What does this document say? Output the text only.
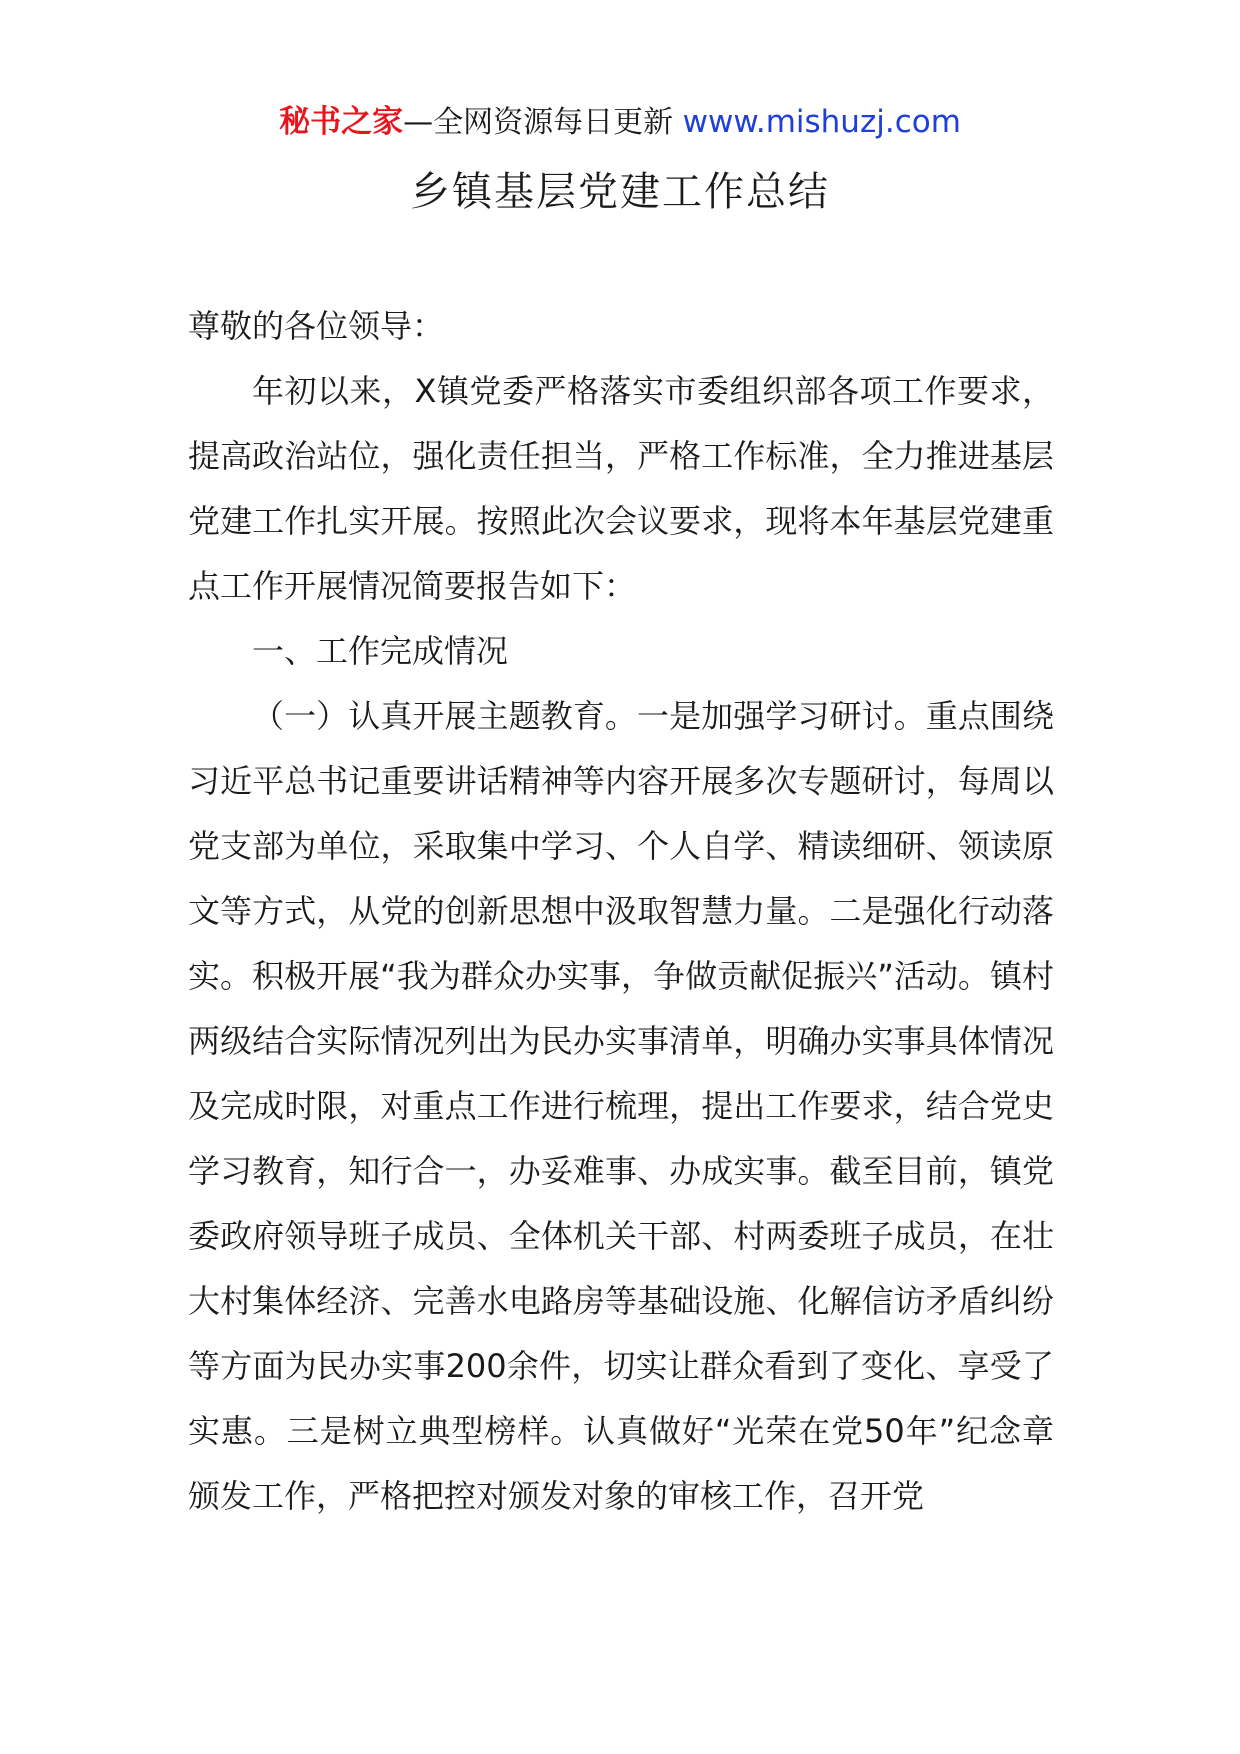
秘书之家—全网资源每日更新 www.mishuzj.com
乡镇基层党建工作总结

尊敬的各位领导：

年初以来，X镇党委严格落实市委组织部各项工作要求，提高政治站位，强化责任担当，严格工作标准，全力推进基层党建工作扎实开展。按照此次会议要求，现将本年基层党建重点工作开展情况简要报告如下：

一、工作完成情况

（一）认真开展主题教育。一是加强学习研讨。重点围绕习近平总书记重要讲话精神等内容开展多次专题研讨，每周以党支部为单位，采取集中学习、个人自学、精读细研、领读原文等方式，从党的创新思想中汲取智慧力量。二是强化行动落实。积极开展“我为群众办实事，争做贡献促振兴”活动。镇村两级结合实际情况列出为民办实事清单，明确办实事具体情况及完成时限，对重点工作进行梳理，提出工作要求，结合党史学习教育，知行合一，办妥难事、办成实事。截至目前，镇党委政府领导班子成员、全体机关干部、村两委班子成员，在壮大村集体经济、完善水电路房等基础设施、化解信访矛盾纠纷等方面为民办实事200余件，切实让群众看到了变化、享受了实惠。三是树立典型榜样。认真做好“光荣在党50年”纪念章颁发工作，严格把控对颁发对象的审核工作，召开党
